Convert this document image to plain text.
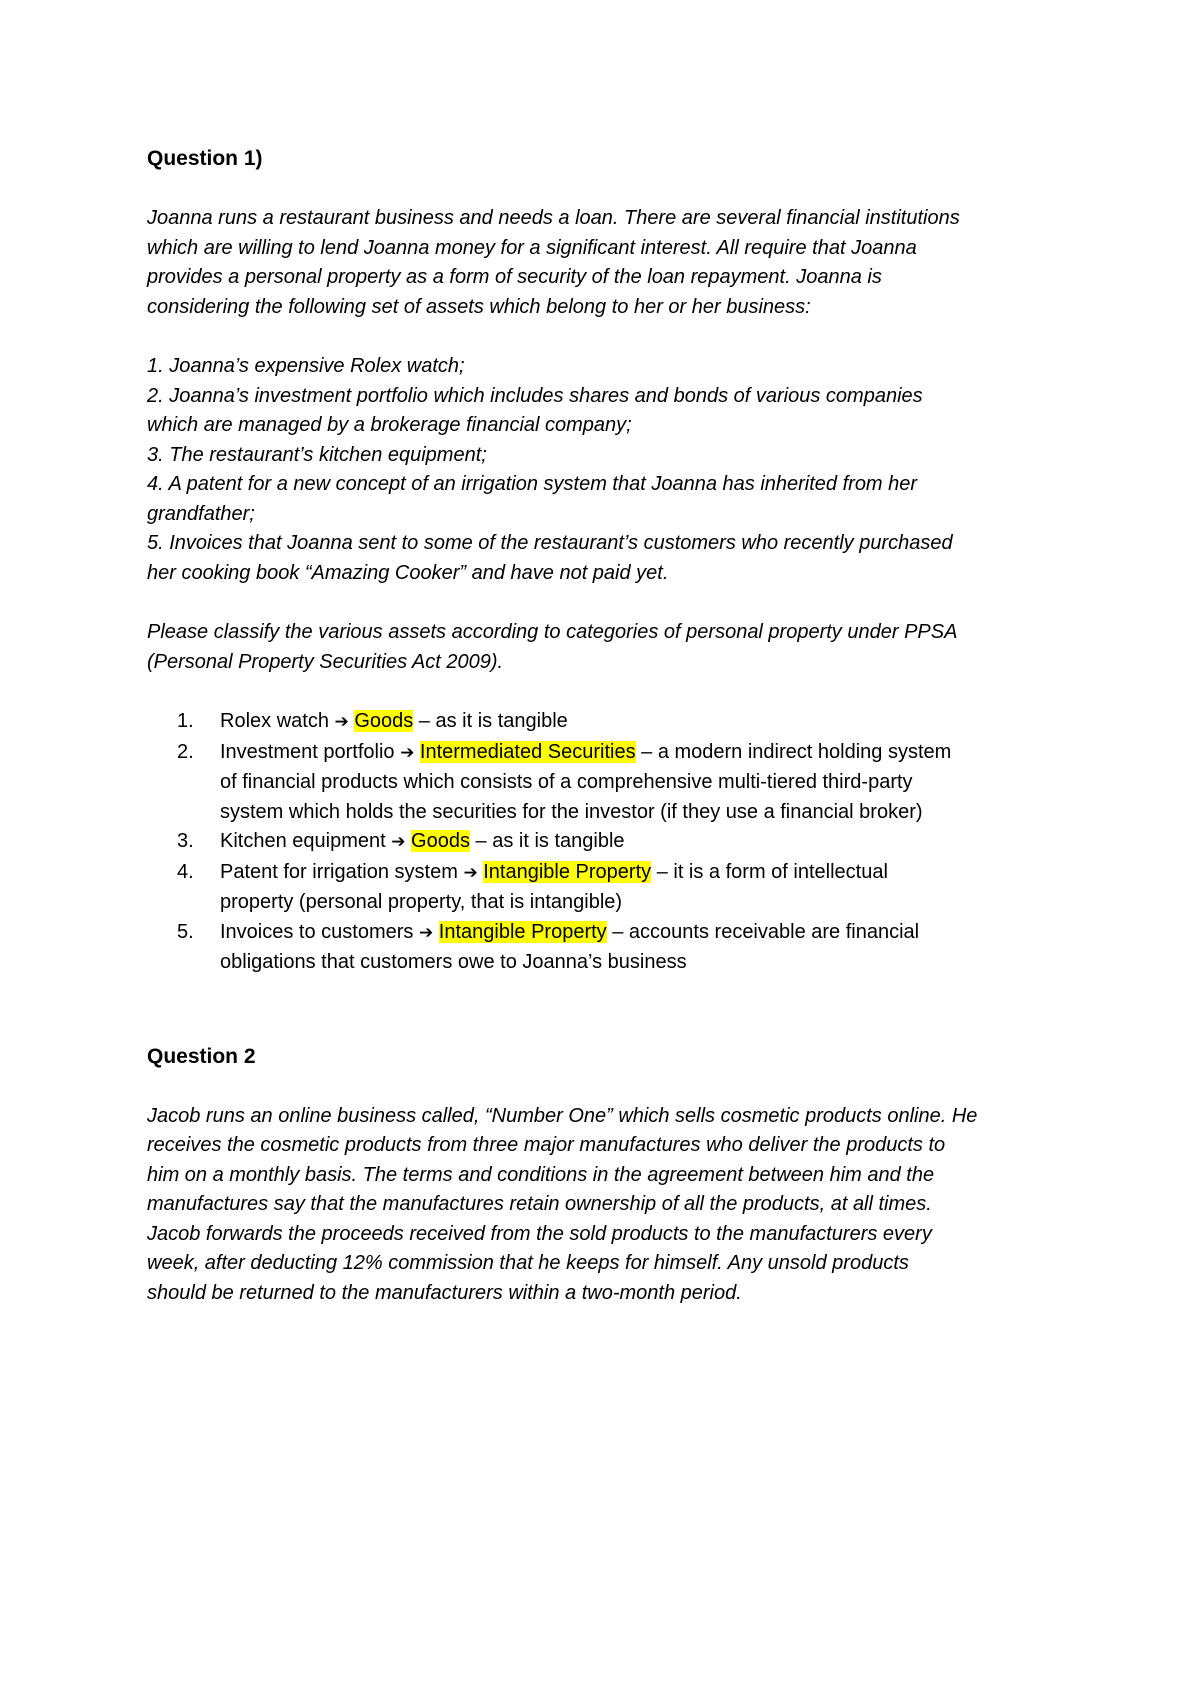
Question 1)

Joanna runs a restaurant business and needs a loan. There are several financial institutions

which are willing to lend Joanna money for a significant interest. All require that Joanna

provides a personal property as a form of security of the loan repayment. Joanna is

considering the following set of assets which belong to her or her business:

1. Joanna’s expensive Rolex watch;

2. Joanna’s investment portfolio which includes shares and bonds of various companies

which are managed by a brokerage financial company;

3. The restaurant’s kitchen equipment;

4. A patent for a new concept of an irrigation system that Joanna has inherited from her

grandfather;

5. Invoices that Joanna sent to some of the restaurant’s customers who recently purchased

her cooking book “Amazing Cooker” and have not paid yet.

Please classify the various assets according to categories of personal property under PPSA

(Personal Property Securities Act 2009).

1. Rolex watch ➔ Goods – as it is tangible
2. Investment portfolio ➔ Intermediated Securities – a modern indirect holding system
of financial products which consists of a comprehensive multi-tiered third-party
system which holds the securities for the investor (if they use a financial broker)
3. Kitchen equipment ➔ Goods – as it is tangible
4. Patent for irrigation system ➔ Intangible Property – it is a form of intellectual
property (personal property, that is intangible)
5. Invoices to customers ➔ Intangible Property – accounts receivable are financial
obligations that customers owe to Joanna’s business
Question 2

Jacob runs an online business called, “Number One” which sells cosmetic products online. He

receives the cosmetic products from three major manufactures who deliver the products to

him on a monthly basis. The terms and conditions in the agreement between him and the

manufactures say that the manufactures retain ownership of all the products, at all times.

Jacob forwards the proceeds received from the sold products to the manufacturers every

week, after deducting 12% commission that he keeps for himself. Any unsold products

should be returned to the manufacturers within a two-month period.
